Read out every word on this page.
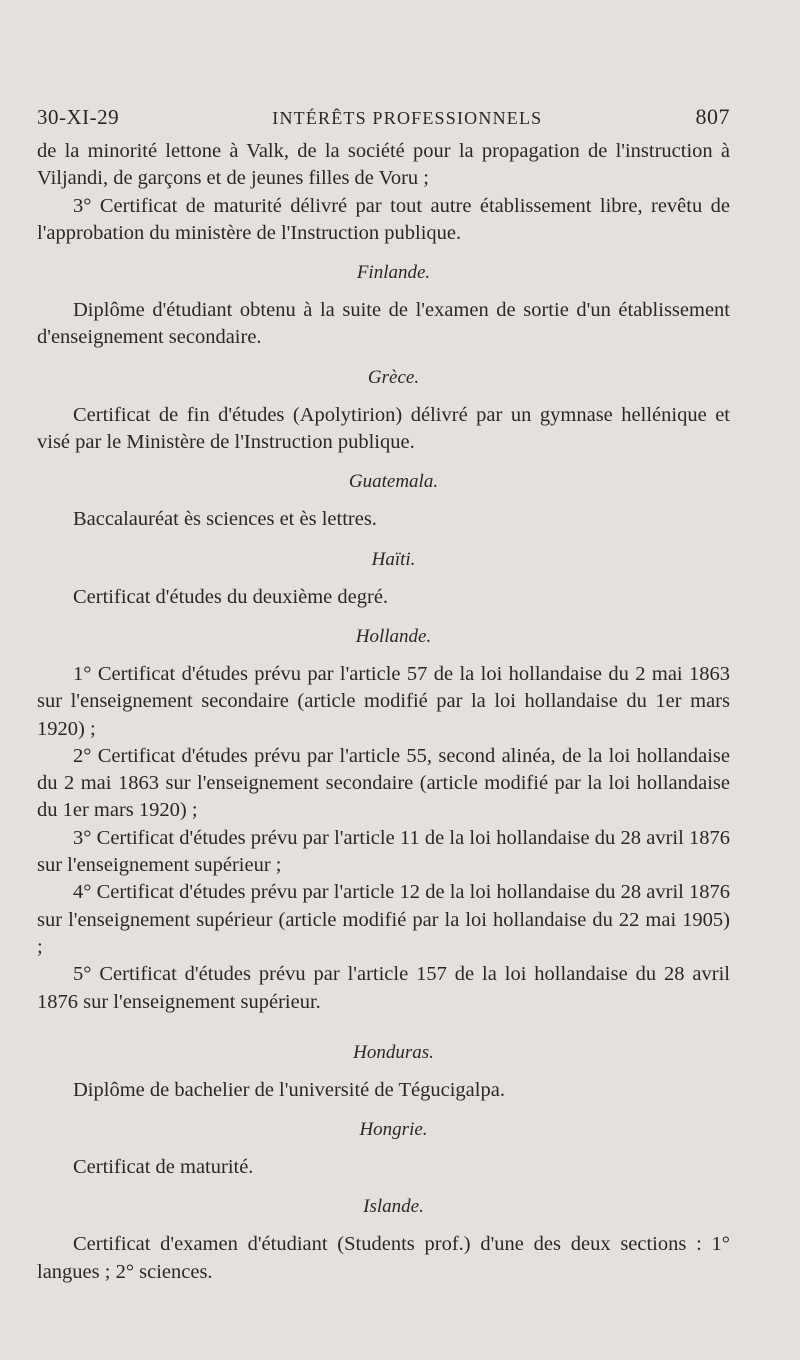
30-XI-29	INTÉRÊTS PROFESSIONNELS	807

de la minorité lettone à Valk, de la société pour la propagation de l'instruction à Viljandi, de garçons et de jeunes filles de Voru ;

3° Certificat de maturité délivré par tout autre établissement libre, revêtu de l'approbation du ministère de l'Instruction publique.

Finlande.

Diplôme d'étudiant obtenu à la suite de l'examen de sortie d'un établissement d'enseignement secondaire.

Grèce.

Certificat de fin d'études (Apolytirion) délivré par un gymnase hellénique et visé par le Ministère de l'Instruction publique.

Guatemala.

Baccalauréat ès sciences et ès lettres.

Haïti.

Certificat d'études du deuxième degré.

Hollande.

1° Certificat d'études prévu par l'article 57 de la loi hollandaise du 2 mai 1863 sur l'enseignement secondaire (article modifié par la loi hollandaise du 1er mars 1920) ;

2° Certificat d'études prévu par l'article 55, second alinéa, de la loi hollandaise du 2 mai 1863 sur l'enseignement secondaire (article modifié par la loi hollandaise du 1er mars 1920) ;

3° Certificat d'études prévu par l'article 11 de la loi hollandaise du 28 avril 1876 sur l'enseignement supérieur ;

4° Certificat d'études prévu par l'article 12 de la loi hollandaise du 28 avril 1876 sur l'enseignement supérieur (article modifié par la loi hollandaise du 22 mai 1905) ;

5° Certificat d'études prévu par l'article 157 de la loi hollandaise du 28 avril 1876 sur l'enseignement supérieur.

Honduras.

Diplôme de bachelier de l'université de Tégucigalpa.

Hongrie.

Certificat de maturité.

Islande.

Certificat d'examen d'étudiant (Students prof.) d'une des deux sections : 1° langues ; 2° sciences.
